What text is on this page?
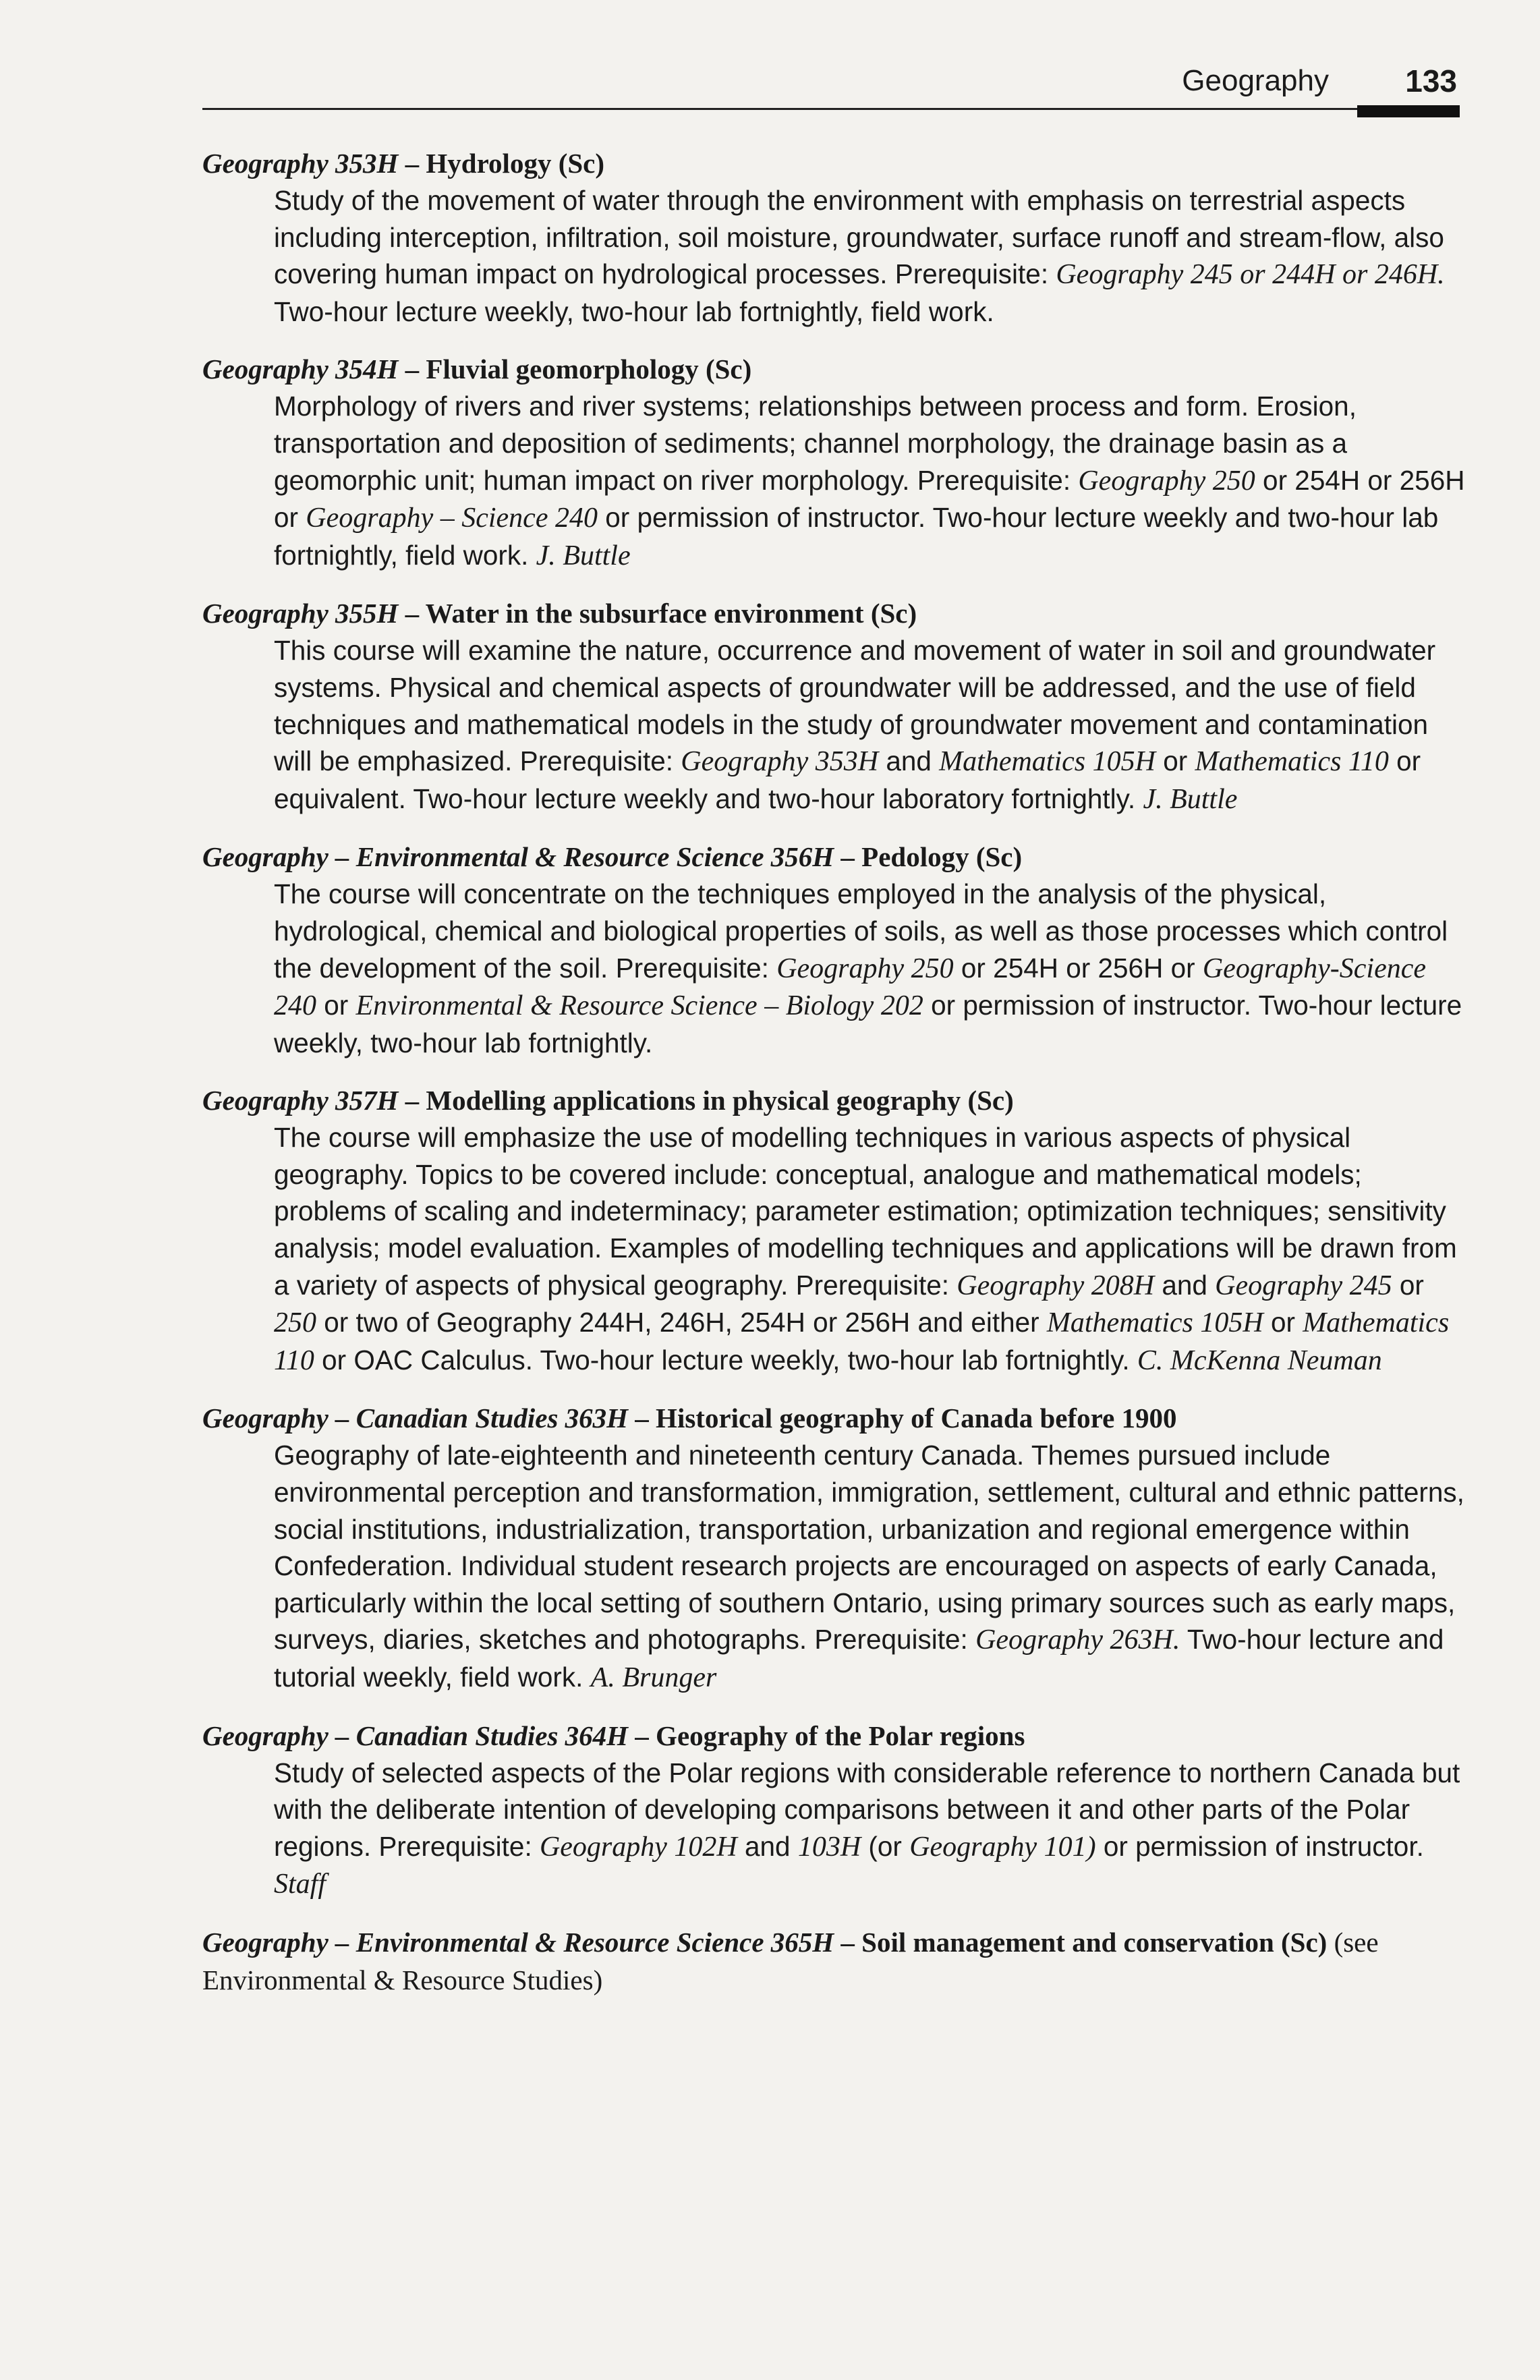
Geography 133

Geography 353H – Hydrology (Sc)

Study of the movement of water through the environment with emphasis on terrestrial aspects including interception, infiltration, soil moisture, groundwater, surface runoff and stream-flow, also covering human impact on hydrological processes. Prerequisite: Geography 245 or 244H or 246H. Two-hour lecture weekly, two-hour lab fortnightly, field work.

Geography 354H – Fluvial geomorphology (Sc)

Morphology of rivers and river systems; relationships between process and form. Erosion, transportation and deposition of sediments; channel morphology, the drainage basin as a geomorphic unit; human impact on river morphology. Prerequisite: Geography 250 or 254H or 256H or Geography – Science 240 or permission of instructor. Two-hour lecture weekly and two-hour lab fortnightly, field work. J. Buttle

Geography 355H – Water in the subsurface environment (Sc)

This course will examine the nature, occurrence and movement of water in soil and groundwater systems. Physical and chemical aspects of groundwater will be addressed, and the use of field techniques and mathematical models in the study of groundwater movement and contamination will be emphasized. Prerequisite: Geography 353H and Mathematics 105H or Mathematics 110 or equivalent. Two-hour lecture weekly and two-hour laboratory fortnightly. J. Buttle

Geography – Environmental & Resource Science 356H – Pedology (Sc)

The course will concentrate on the techniques employed in the analysis of the physical, hydrological, chemical and biological properties of soils, as well as those processes which control the development of the soil. Prerequisite: Geography 250 or 254H or 256H or Geography-Science 240 or Environmental & Resource Science – Biology 202 or permission of instructor. Two-hour lecture weekly, two-hour lab fortnightly.

Geography 357H – Modelling applications in physical geography (Sc)

The course will emphasize the use of modelling techniques in various aspects of physical geography. Topics to be covered include: conceptual, analogue and mathematical models; problems of scaling and indeterminacy; parameter estimation; optimization techniques; sensitivity analysis; model evaluation. Examples of modelling techniques and applications will be drawn from a variety of aspects of physical geography. Prerequisite: Geography 208H and Geography 245 or 250 or two of Geography 244H, 246H, 254H or 256H and either Mathematics 105H or Mathematics 110 or OAC Calculus. Two-hour lecture weekly, two-hour lab fortnightly. C. McKenna Neuman

Geography – Canadian Studies 363H – Historical geography of Canada before 1900

Geography of late-eighteenth and nineteenth century Canada. Themes pursued include environmental perception and transformation, immigration, settlement, cultural and ethnic patterns, social institutions, industrialization, transportation, urbanization and regional emergence within Confederation. Individual student research projects are encouraged on aspects of early Canada, particularly within the local setting of southern Ontario, using primary sources such as early maps, surveys, diaries, sketches and photographs. Prerequisite: Geography 263H. Two-hour lecture and tutorial weekly, field work. A. Brunger

Geography – Canadian Studies 364H – Geography of the Polar regions

Study of selected aspects of the Polar regions with considerable reference to northern Canada but with the deliberate intention of developing comparisons between it and other parts of the Polar regions. Prerequisite: Geography 102H and 103H (or Geography 101) or permission of instructor. Staff

Geography – Environmental & Resource Science 365H – Soil management and conservation (Sc) (see Environmental & Resource Studies)
